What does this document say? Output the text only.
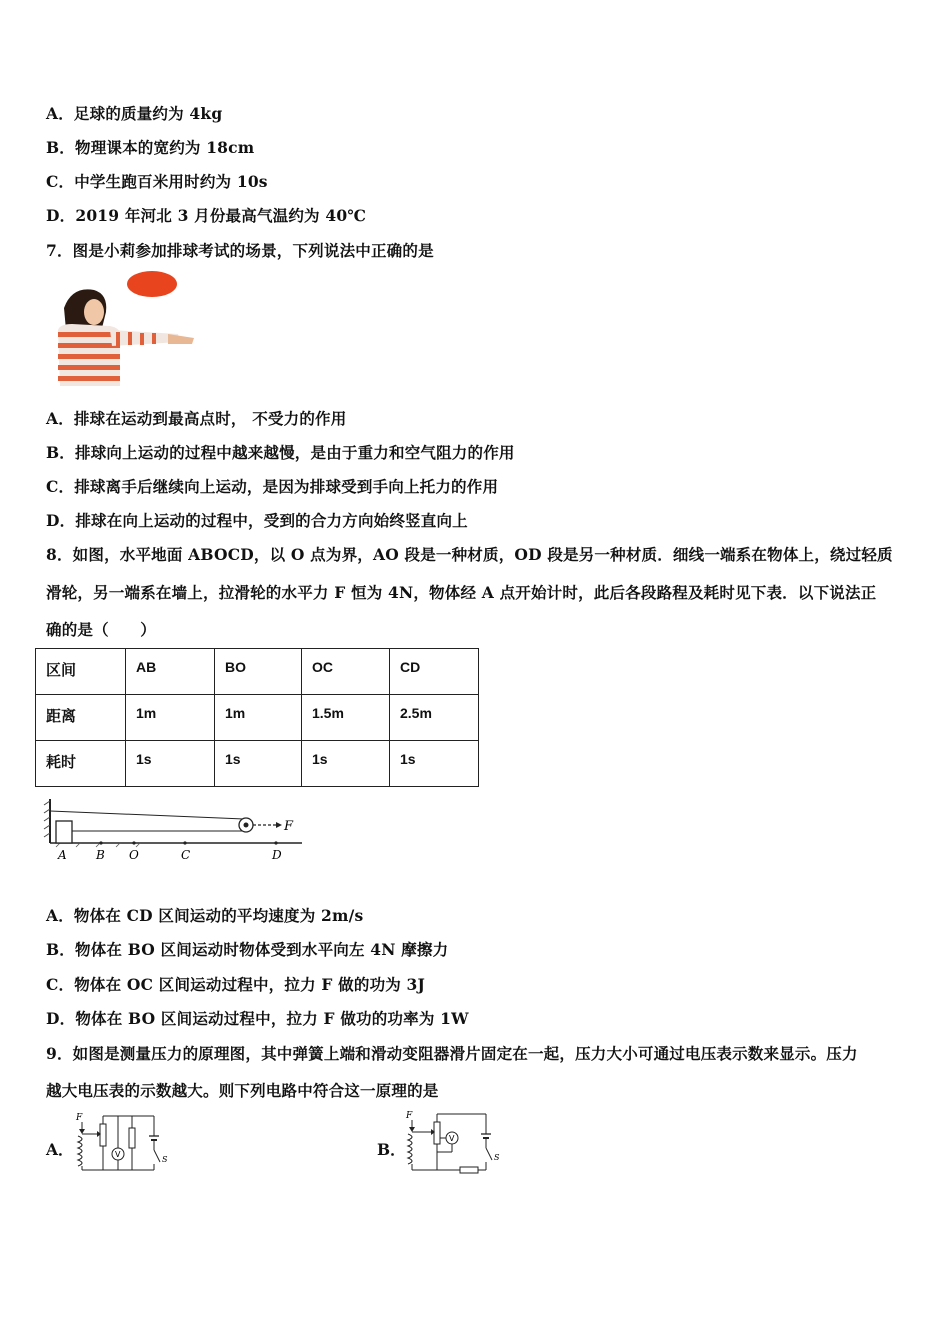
A．足球的质量约为 4kg
B．物理课本的宽约为 18cm
C．中学生跑百米用时约为 10s
D．2019 年河北 3 月份最高气温约为 40℃
7．图是小莉参加排球考试的场景，下列说法中正确的是
A．排球在运动到最高点时， 不受力的作用
B．排球向上运动的过程中越来越慢，是由于重力和空气阻力的作用
C．排球离手后继续向上运动，是因为排球受到手向上托力的作用
D．排球在向上运动的过程中，受到的合力方向始终竖直向上
8．如图，水平地面 ABOCD，以 O 点为界，AO 段是一种材质，OD 段是另一种材质．细线一端系在物体上，绕过轻质
滑轮，另一端系在墙上，拉滑轮的水平力 F 恒为 4N，物体经 A 点开始计时，此后各段路程及耗时见下表．以下说法正
确的是（　　）
区间	AB	BO	OC	CD
距离	1m	1m	1.5m	2.5m
耗时	1s	1s	1s	1s
F
A B O	C	D
A．物体在 CD 区间运动的平均速度为 2m/s
B．物体在 BO 区间运动时物体受到水平向左 4N 摩擦力
C．物体在 OC 区间运动过程中，拉力 F 做的功为 3J
D．物体在 BO 区间运动过程中，拉力 F 做功的功率为 1W
9．如图是测量压力的原理图，其中弹簧上端和滑动变阻器滑片固定在一起，压力大小可通过电压表示数来显示。压力
越大电压表的示数越大。则下列电路中符合这一原理的是
A．
F
V
S
B．
F
V
S
